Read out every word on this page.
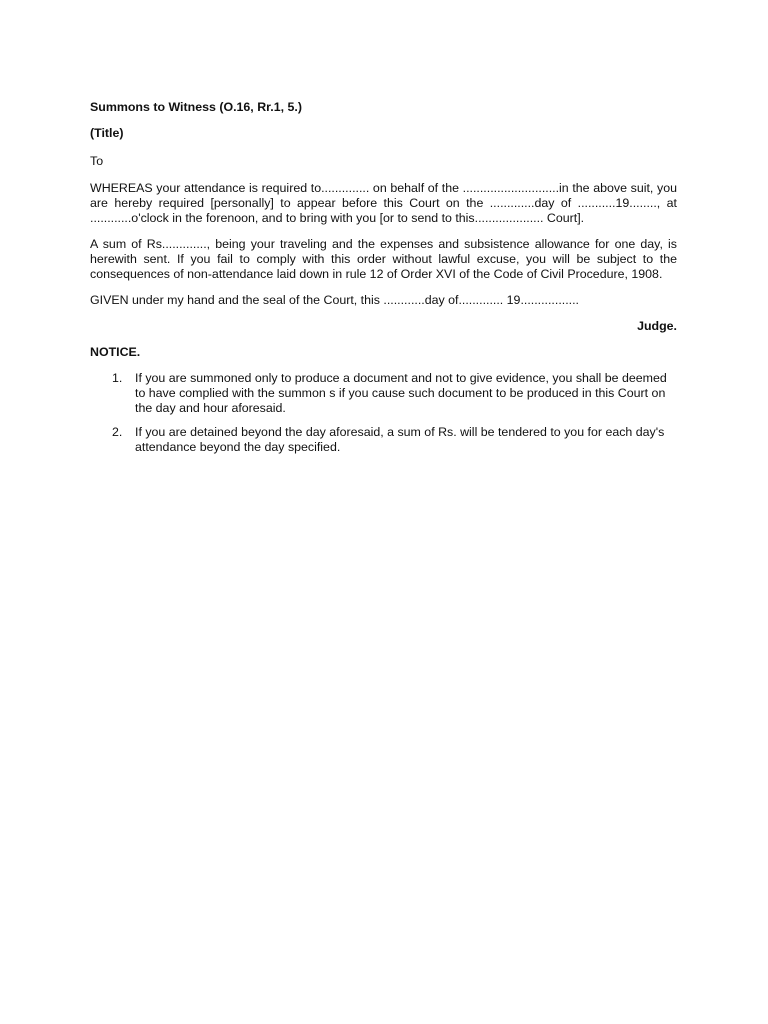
Summons to Witness (O.16, Rr.1, 5.)
(Title)
To

WHEREAS your attendance is required to.............. on behalf of the ............................in the above suit, you are hereby required [personally] to appear before this Court on the .............day of ...........19........, at ............o'clock in the forenoon, and to bring with you [or to send to this.................... Court].

A sum of Rs............., being your traveling and the expenses and subsistence allowance for one day, is herewith sent. If you fail to comply with this order without lawful excuse, you will be subject to the consequences of non-attendance laid down in rule 12 of Order XVI of the Code of Civil Procedure, 1908.

GIVEN under my hand and the seal of the Court, this ............day of............. 19.................

Judge.
NOTICE.
1. If you are summoned only to produce a document and not to give evidence, you shall be deemed to have complied with the summon s if you cause such document to be produced in this Court on the day and hour aforesaid.
2. If you are detained beyond the day aforesaid, a sum of Rs. will be tendered to you for each day's attendance beyond the day specified.
